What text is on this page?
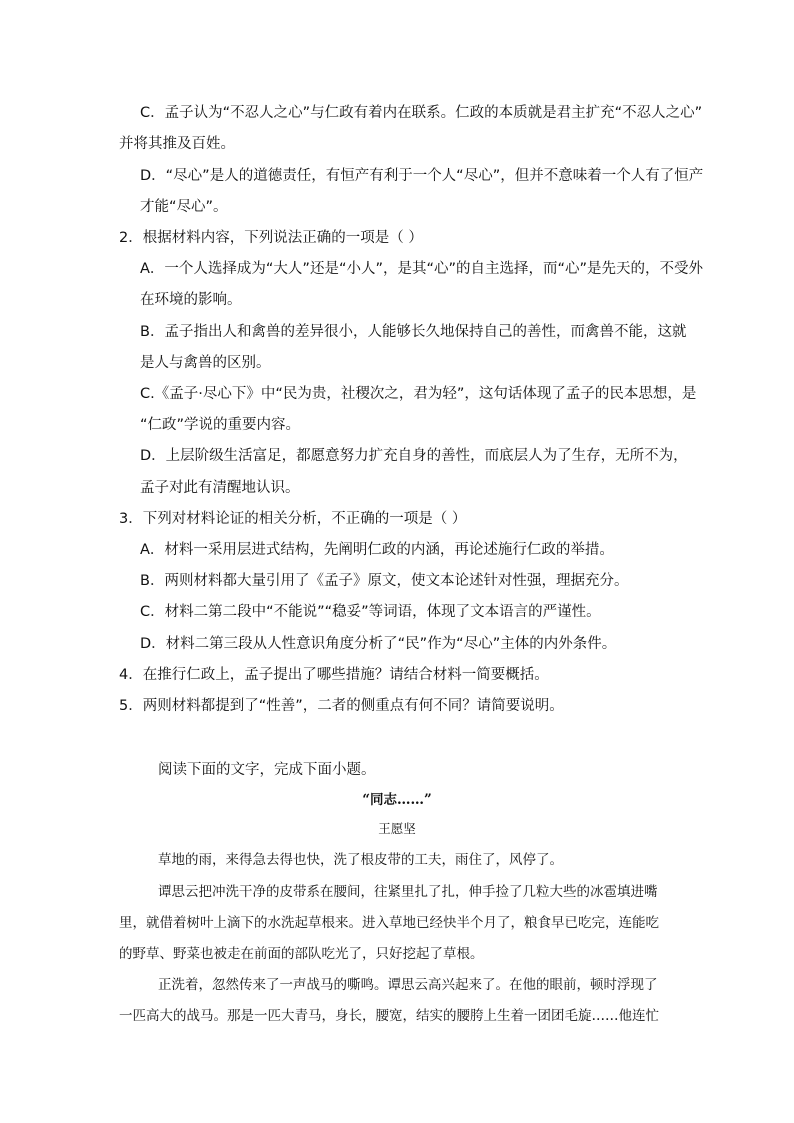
C．孟子认为“不忍人之心”与仁政有着内在联系。仁政的本质就是君主扩充“不忍人之心”
并将其推及百姓。
D．“尽心”是人的道德责任，有恒产有利于一个人“尽心”，但并不意味着一个人有了恒产
才能“尽心”。
2．根据材料内容，下列说法正确的一项是（ ）
A．一个人选择成为“大人”还是“小人”，是其“心”的自主选择，而“心”是先天的，不受外
在环境的影响。
B．孟子指出人和禽兽的差异很小，人能够长久地保持自己的善性，而禽兽不能，这就
是人与禽兽的区别。
C.《孟子·尽心下》中“民为贵，社稷次之，君为轻”，这句话体现了孟子的民本思想，是
“仁政”学说的重要内容。
D．上层阶级生活富足，都愿意努力扩充自身的善性，而底层人为了生存，无所不为，
孟子对此有清醒地认识。
3．下列对材料论证的相关分析，不正确的一项是（ ）
A．材料一采用层进式结构，先阐明仁政的内涵，再论述施行仁政的举措。
B．两则材料都大量引用了《孟子》原文，使文本论述针对性强，理据充分。
C．材料二第二段中“不能说”“稳妥”等词语，体现了文本语言的严谨性。
D．材料二第三段从人性意识角度分析了“民”作为“尽心”主体的内外条件。
4．在推行仁政上，孟子提出了哪些措施？请结合材料一简要概括。
5．两则材料都提到了“性善”，二者的侧重点有何不同？请简要说明。
阅读下面的文字，完成下面小题。
“同志……”
王愿坚
草地的雨，来得急去得也快，洗了根皮带的工夫，雨住了，风停了。
谭思云把冲洗干净的皮带系在腰间，往紧里扎了扎，伸手捡了几粒大些的冰雹填进嘴
里，就借着树叶上滴下的水洗起草根来。进入草地已经快半个月了，粮食早已吃完，连能吃
的野草、野菜也被走在前面的部队吃光了，只好挖起了草根。
正洗着，忽然传来了一声战马的嘶鸣。谭思云高兴起来了。在他的眼前，顿时浮现了
一匹高大的战马。那是一匹大青马，身长，腰宽，结实的腰胯上生着一团团毛旋……他连忙
